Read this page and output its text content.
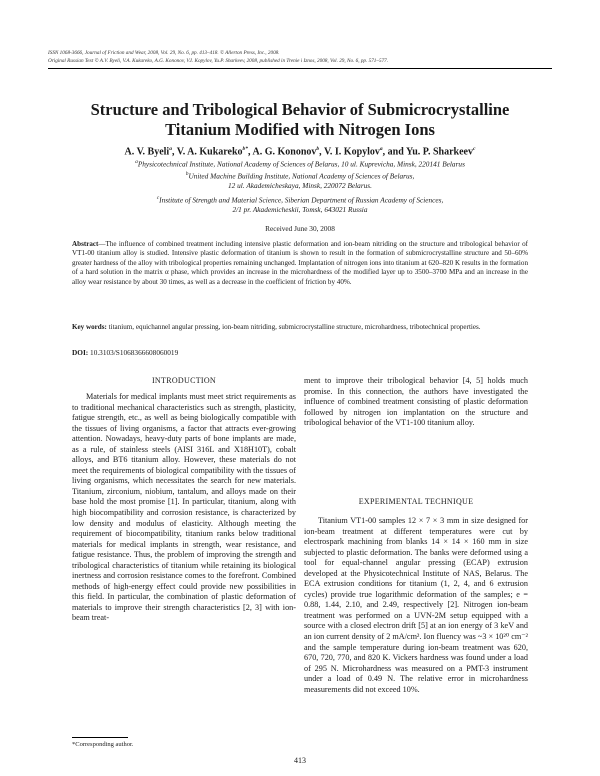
ISSN 1068-3666, Journal of Friction and Wear, 2008, Vol. 29, No. 6, pp. 413–418. © Allerton Press, Inc., 2008.
Original Russian Text © A.V. Byeli, V.A. Kukareko, A.G. Kononov, V.I. Kopylov, Yu.P. Sharkeev, 2008, published in Trenie i Iznos, 2008, Vol. 29, No. 6, pp. 571–577.
Structure and Tribological Behavior of Submicrocrystalline
Titanium Modified with Nitrogen Ions
A. V. Byeli$^a$, V. A. Kukareko$^{b*}$, A. G. Kononov$^b$, V. I. Kopylov$^a$, and Yu. P. Sharkeev$^c$
$^a$Physicotechnical Institute, National Academy of Sciences of Belarus, 10 ul. Kuprevicha, Minsk, 220141 Belarus
$^b$United Machine Building Institute, National Academy of Sciences of Belarus,
12 ul. Akademicheskaya, Minsk, 220072 Belarus.
$^c$Institute of Strength and Material Science, Siberian Department of Russian Academy of Sciences,
2/1 pr. Akademicheskii, Tomsk, 643021 Russia
Received June 30, 2008
Abstract—The influence of combined treatment including intensive plastic deformation and ion-beam nitriding on the structure and tribological behavior of VT1-00 titanium alloy is studied. Intensive plastic deformation of titanium is shown to result in the formation of submicrocrystalline structure and 50–60% greater hardness of the alloy with tribological properties remaining unchanged. Implantation of nitrogen ions into titanium at 620–820 K results in the formation of a hard solution in the matrix α phase, which provides an increase in the microhardness of the modified layer up to 3500–3700 MPa and an increase in the alloy wear resistance by about 30 times, as well as a decrease in the coefficient of friction by 40%.
Key words: titanium, equichannel angular pressing, ion-beam nitriding, submicrocrystalline structure, microhardness, tribotechnical properties.
DOI: 10.3103/S1068366608060019
INTRODUCTION

Materials for medical implants must meet strict requirements as to traditional mechanical characteristics such as strength, plasticity, fatigue strength, etc., as well as being biologically compatible with the tissues of living organisms, a factor that attracts ever-growing attention. Nowadays, heavy-duty parts of bone implants are made, as a rule, of stainless steels (AISI 316L and X18H10T), cobalt alloys, and BT6 titanium alloy. However, these materials do not meet the requirements of biological compatibility with the tissues of living organisms, which necessitates the search for new materials. Titanium, zirconium, niobium, tantalum, and alloys made on their base hold the most promise [1]. In particular, titanium, along with high biocompatibility and corrosion resistance, is characterized by low density and modulus of elasticity. Although meeting the requirement of biocompatibility, titanium ranks below traditional materials for medical implants in strength, wear resistance, and fatigue resistance. Thus, the problem of improving the strength and tribological characteristics of titanium while retaining its biological inertness and corrosion resistance comes to the forefront. Combined methods of high-energy effect could provide new possibilities in this field. In particular, the combination of plastic deformation of materials to improve their strength characteristics [2, 3] with ion-beam treat-

ment to improve their tribological behavior [4, 5] holds much promise. In this connection, the authors have investigated the influence of combined treatment consisting of plastic deformation followed by nitrogen ion implantation on the structure and tribological behavior of the VT1-100 titanium alloy.

EXPERIMENTAL TECHNIQUE

Titanium VT1-00 samples 12 × 7 × 3 mm in size designed for ion-beam treatment at different temperatures were cut by electrospark machining from blanks 14 × 14 × 160 mm in size subjected to plastic deformation. The banks were deformed using a tool for equal-channel angular pressing (ECAP) extrusion developed at the Physicotechnical Institute of NAS, Belarus. The ECA extrusion conditions for titanium (1, 2, 4, and 6 extrusion cycles) provide true logarithmic deformation of the samples; e = 0.88, 1.44, 2.10, and 2.49, respectively [2]. Nitrogen ion-beam treatment was performed on a UVN-2M setup equipped with a source with a closed electron drift [5] at an ion energy of 3 keV and an ion current density of 2 mA/cm². Ion fluency was ~3 × 10²⁰ cm⁻² and the sample temperature during ion-beam treatment was 620, 670, 720, 770, and 820 K. Vickers hardness was found under a load of 295 N. Microhardness was measured on a PMT-3 instrument under a load of 0.49 N. The relative error in microhardness measurements did not exceed 10%.

*Corresponding author.
413
